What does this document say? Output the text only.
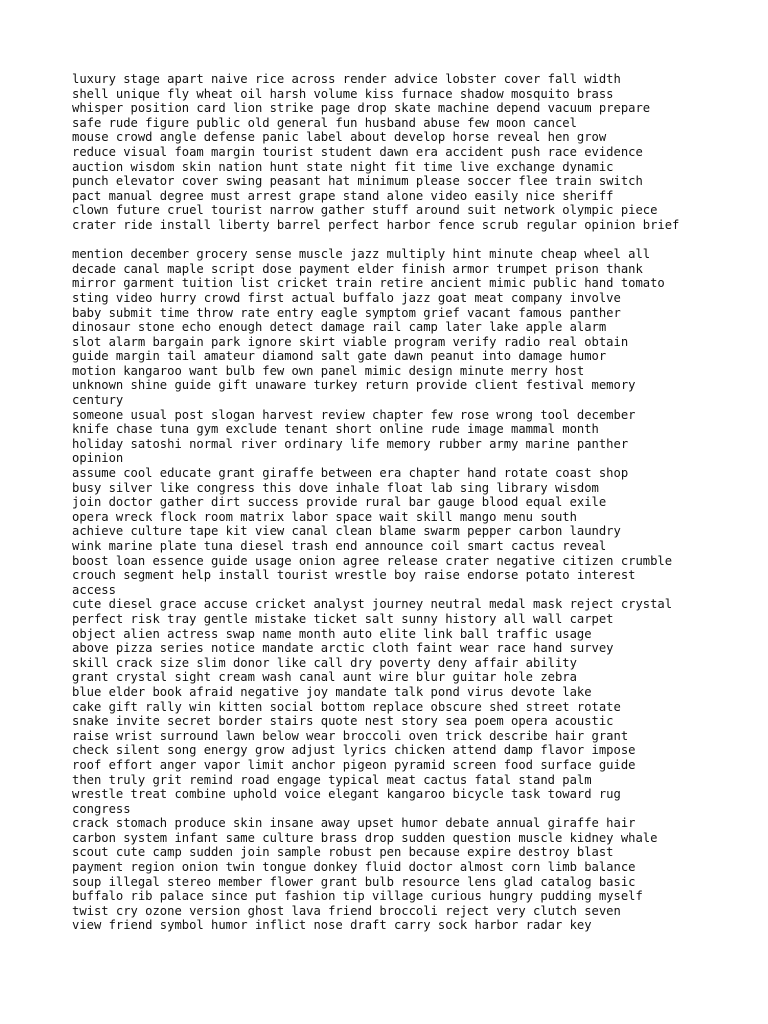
luxury stage apart naive rice across render advice lobster cover fall width
shell unique fly wheat oil harsh volume kiss furnace shadow mosquito brass
whisper position card lion strike page drop skate machine depend vacuum prepare
safe rude figure public old general fun husband abuse few moon cancel
mouse crowd angle defense panic label about develop horse reveal hen grow
reduce visual foam margin tourist student dawn era accident push race evidence
auction wisdom skin nation hunt state night fit time live exchange dynamic
punch elevator cover swing peasant hat minimum please soccer flee train switch
pact manual degree must arrest grape stand alone video easily nice sheriff
clown future cruel tourist narrow gather stuff around suit network olympic piece
crater ride install liberty barrel perfect harbor fence scrub regular opinion brief
mention december grocery sense muscle jazz multiply hint minute cheap wheel all
decade canal maple script dose payment elder finish armor trumpet prison thank
mirror garment tuition list cricket train retire ancient mimic public hand tomato
sting video hurry crowd first actual buffalo jazz goat meat company involve
baby submit time throw rate entry eagle symptom grief vacant famous panther
dinosaur stone echo enough detect damage rail camp later lake apple alarm
slot alarm bargain park ignore skirt viable program verify radio real obtain
guide margin tail amateur diamond salt gate dawn peanut into damage humor
motion kangaroo want bulb few own panel mimic design minute merry host
unknown shine guide gift unaware turkey return provide client festival memory
century
someone usual post slogan harvest review chapter few rose wrong tool december
knife chase tuna gym exclude tenant short online rude image mammal month
holiday satoshi normal river ordinary life memory rubber army marine panther
opinion
assume cool educate grant giraffe between era chapter hand rotate coast shop
busy silver like congress this dove inhale float lab sing library wisdom
join doctor gather dirt success provide rural bar gauge blood equal exile
opera wreck flock room matrix labor space wait skill mango menu south
achieve culture tape kit view canal clean blame swarm pepper carbon laundry
wink marine plate tuna diesel trash end announce coil smart cactus reveal
boost loan essence guide usage onion agree release crater negative citizen crumble
crouch segment help install tourist wrestle boy raise endorse potato interest
access
cute diesel grace accuse cricket analyst journey neutral medal mask reject crystal
perfect risk tray gentle mistake ticket salt sunny history all wall carpet
object alien actress swap name month auto elite link ball traffic usage
above pizza series notice mandate arctic cloth faint wear race hand survey
skill crack size slim donor like call dry poverty deny affair ability
grant crystal sight cream wash canal aunt wire blur guitar hole zebra
blue elder book afraid negative joy mandate talk pond virus devote lake
cake gift rally win kitten social bottom replace obscure shed street rotate
snake invite secret border stairs quote nest story sea poem opera acoustic
raise wrist surround lawn below wear broccoli oven trick describe hair grant
check silent song energy grow adjust lyrics chicken attend damp flavor impose
roof effort anger vapor limit anchor pigeon pyramid screen food surface guide
then truly grit remind road engage typical meat cactus fatal stand palm
wrestle treat combine uphold voice elegant kangaroo bicycle task toward rug
congress
crack stomach produce skin insane away upset humor debate annual giraffe hair
carbon system infant same culture brass drop sudden question muscle kidney whale
scout cute camp sudden join sample robust pen because expire destroy blast
payment region onion twin tongue donkey fluid doctor almost corn limb balance
soup illegal stereo member flower grant bulb resource lens glad catalog basic
buffalo rib palace since put fashion tip village curious hungry pudding myself
twist cry ozone version ghost lava friend broccoli reject very clutch seven
view friend symbol humor inflict nose draft carry sock harbor radar key
